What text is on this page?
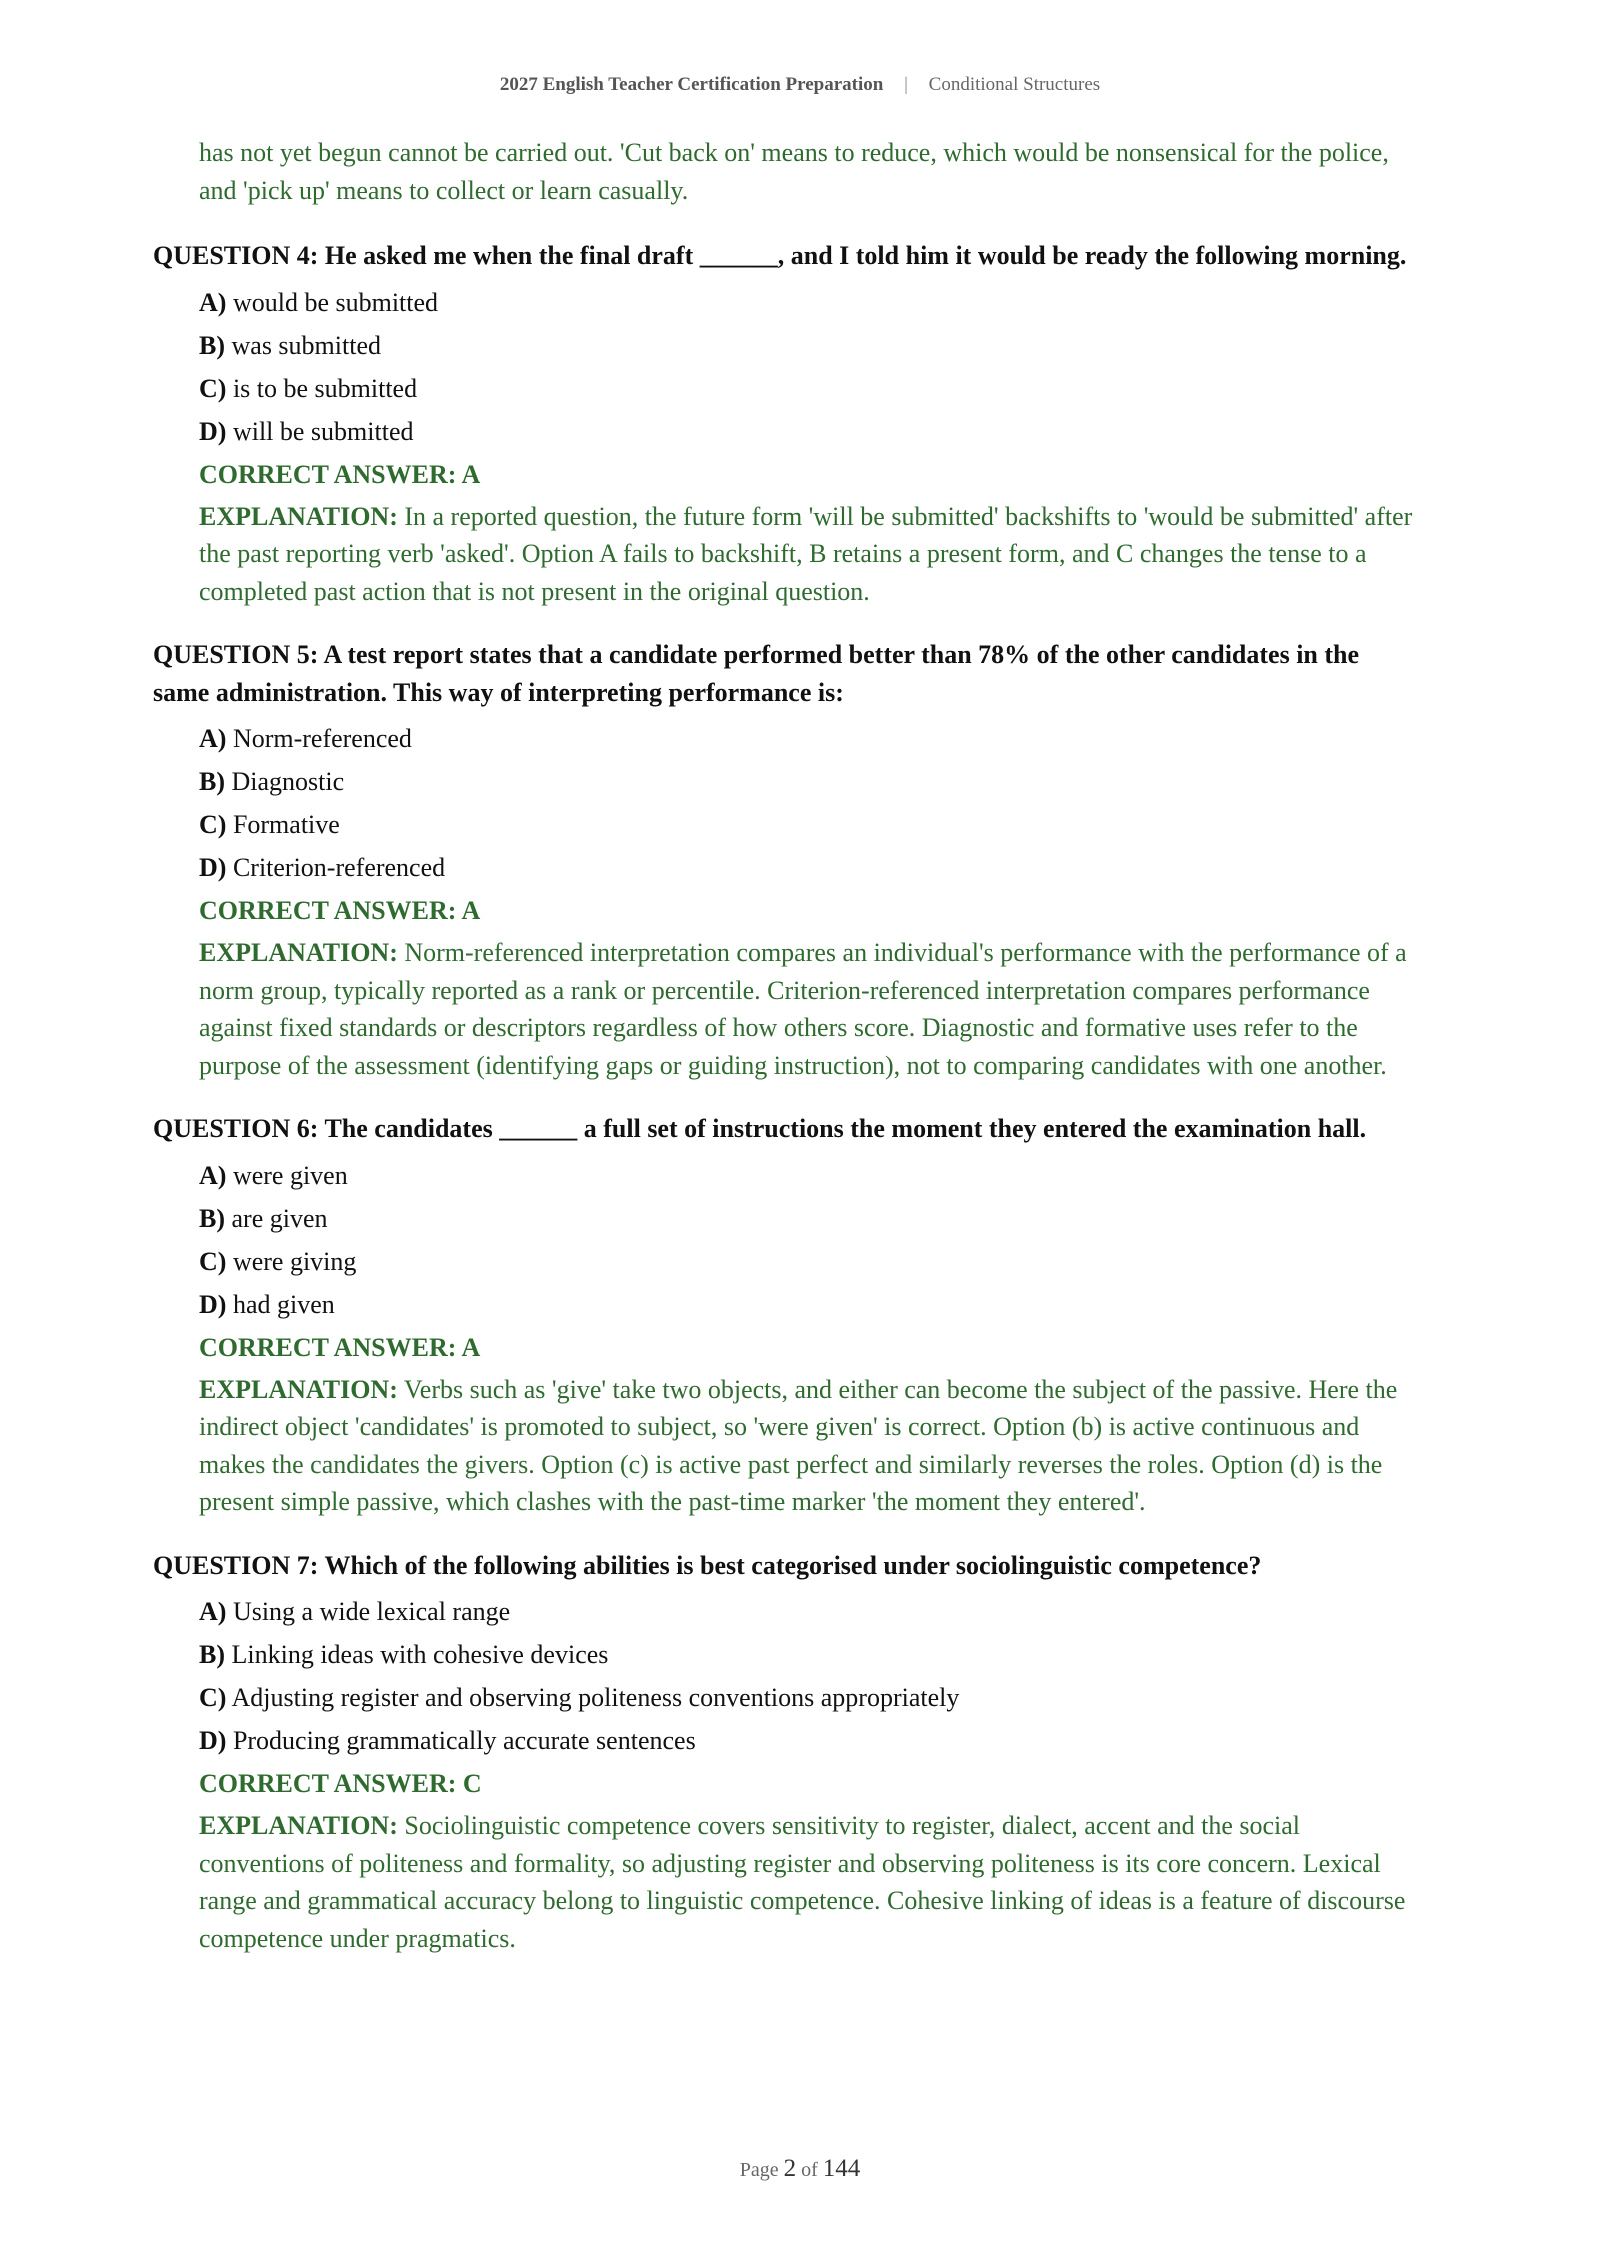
2027 English Teacher Certification Preparation | Conditional Structures

has not yet begun cannot be carried out. 'Cut back on' means to reduce, which would be nonsensical for the police, and 'pick up' means to collect or learn casually.

QUESTION 4: He asked me when the final draft ______, and I told him it would be ready the following morning.

A) would be submitted
B) was submitted
C) is to be submitted
D) will be submitted
CORRECT ANSWER: A

EXPLANATION: In a reported question, the future form 'will be submitted' backshifts to 'would be submitted' after the past reporting verb 'asked'. Option A fails to backshift, B retains a present form, and C changes the tense to a completed past action that is not present in the original question.

QUESTION 5: A test report states that a candidate performed better than 78% of the other candidates in the same administration. This way of interpreting performance is:

A) Norm-referenced
B) Diagnostic
C) Formative
D) Criterion-referenced
CORRECT ANSWER: A

EXPLANATION: Norm-referenced interpretation compares an individual's performance with the performance of a norm group, typically reported as a rank or percentile. Criterion-referenced interpretation compares performance against fixed standards or descriptors regardless of how others score. Diagnostic and formative uses refer to the purpose of the assessment (identifying gaps or guiding instruction), not to comparing candidates with one another.

QUESTION 6: The candidates ______ a full set of instructions the moment they entered the examination hall.

A) were given
B) are given
C) were giving
D) had given
CORRECT ANSWER: A

EXPLANATION: Verbs such as 'give' take two objects, and either can become the subject of the passive. Here the indirect object 'candidates' is promoted to subject, so 'were given' is correct. Option (b) is active continuous and makes the candidates the givers. Option (c) is active past perfect and similarly reverses the roles. Option (d) is the present simple passive, which clashes with the past-time marker 'the moment they entered'.

QUESTION 7: Which of the following abilities is best categorised under sociolinguistic competence?

A) Using a wide lexical range
B) Linking ideas with cohesive devices
C) Adjusting register and observing politeness conventions appropriately
D) Producing grammatically accurate sentences
CORRECT ANSWER: C

EXPLANATION: Sociolinguistic competence covers sensitivity to register, dialect, accent and the social conventions of politeness and formality, so adjusting register and observing politeness is its core concern. Lexical range and grammatical accuracy belong to linguistic competence. Cohesive linking of ideas is a feature of discourse competence under pragmatics.

Page 2 of 144
